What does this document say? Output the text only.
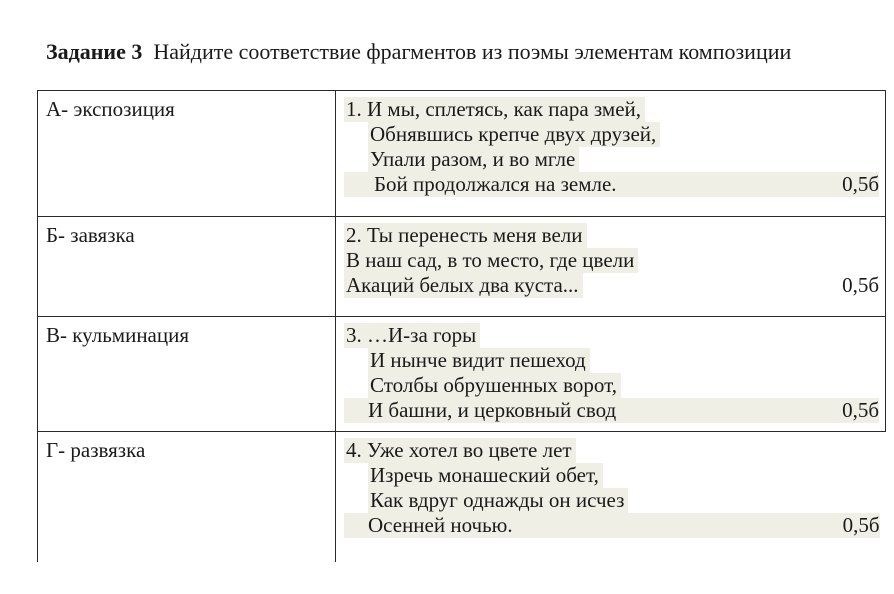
Задание 3 Найдите соответствие фрагментов из поэмы элементам композиции
А- экспозиция	1. И мы, сплетясь, как пара змей,
Обнявшись крепче двух друзей,
Упали разом, и во мгле
Бой продолжался на земле. 0,5б

Б- завязка	2. Ты перенесть меня вели
В наш сад, в то место, где цвели
Акаций белых два куста... 0,5б

В- кульминация	3. …И-за горы
И нынче видит пешеход
Столбы обрушенных ворот,
И башни, и церковный свод 0,5б

Г- развязка	4. Уже хотел во цвете лет
Изречь монашеский обет,
Как вдруг однажды он исчез
Осенней ночью. 0,5б
